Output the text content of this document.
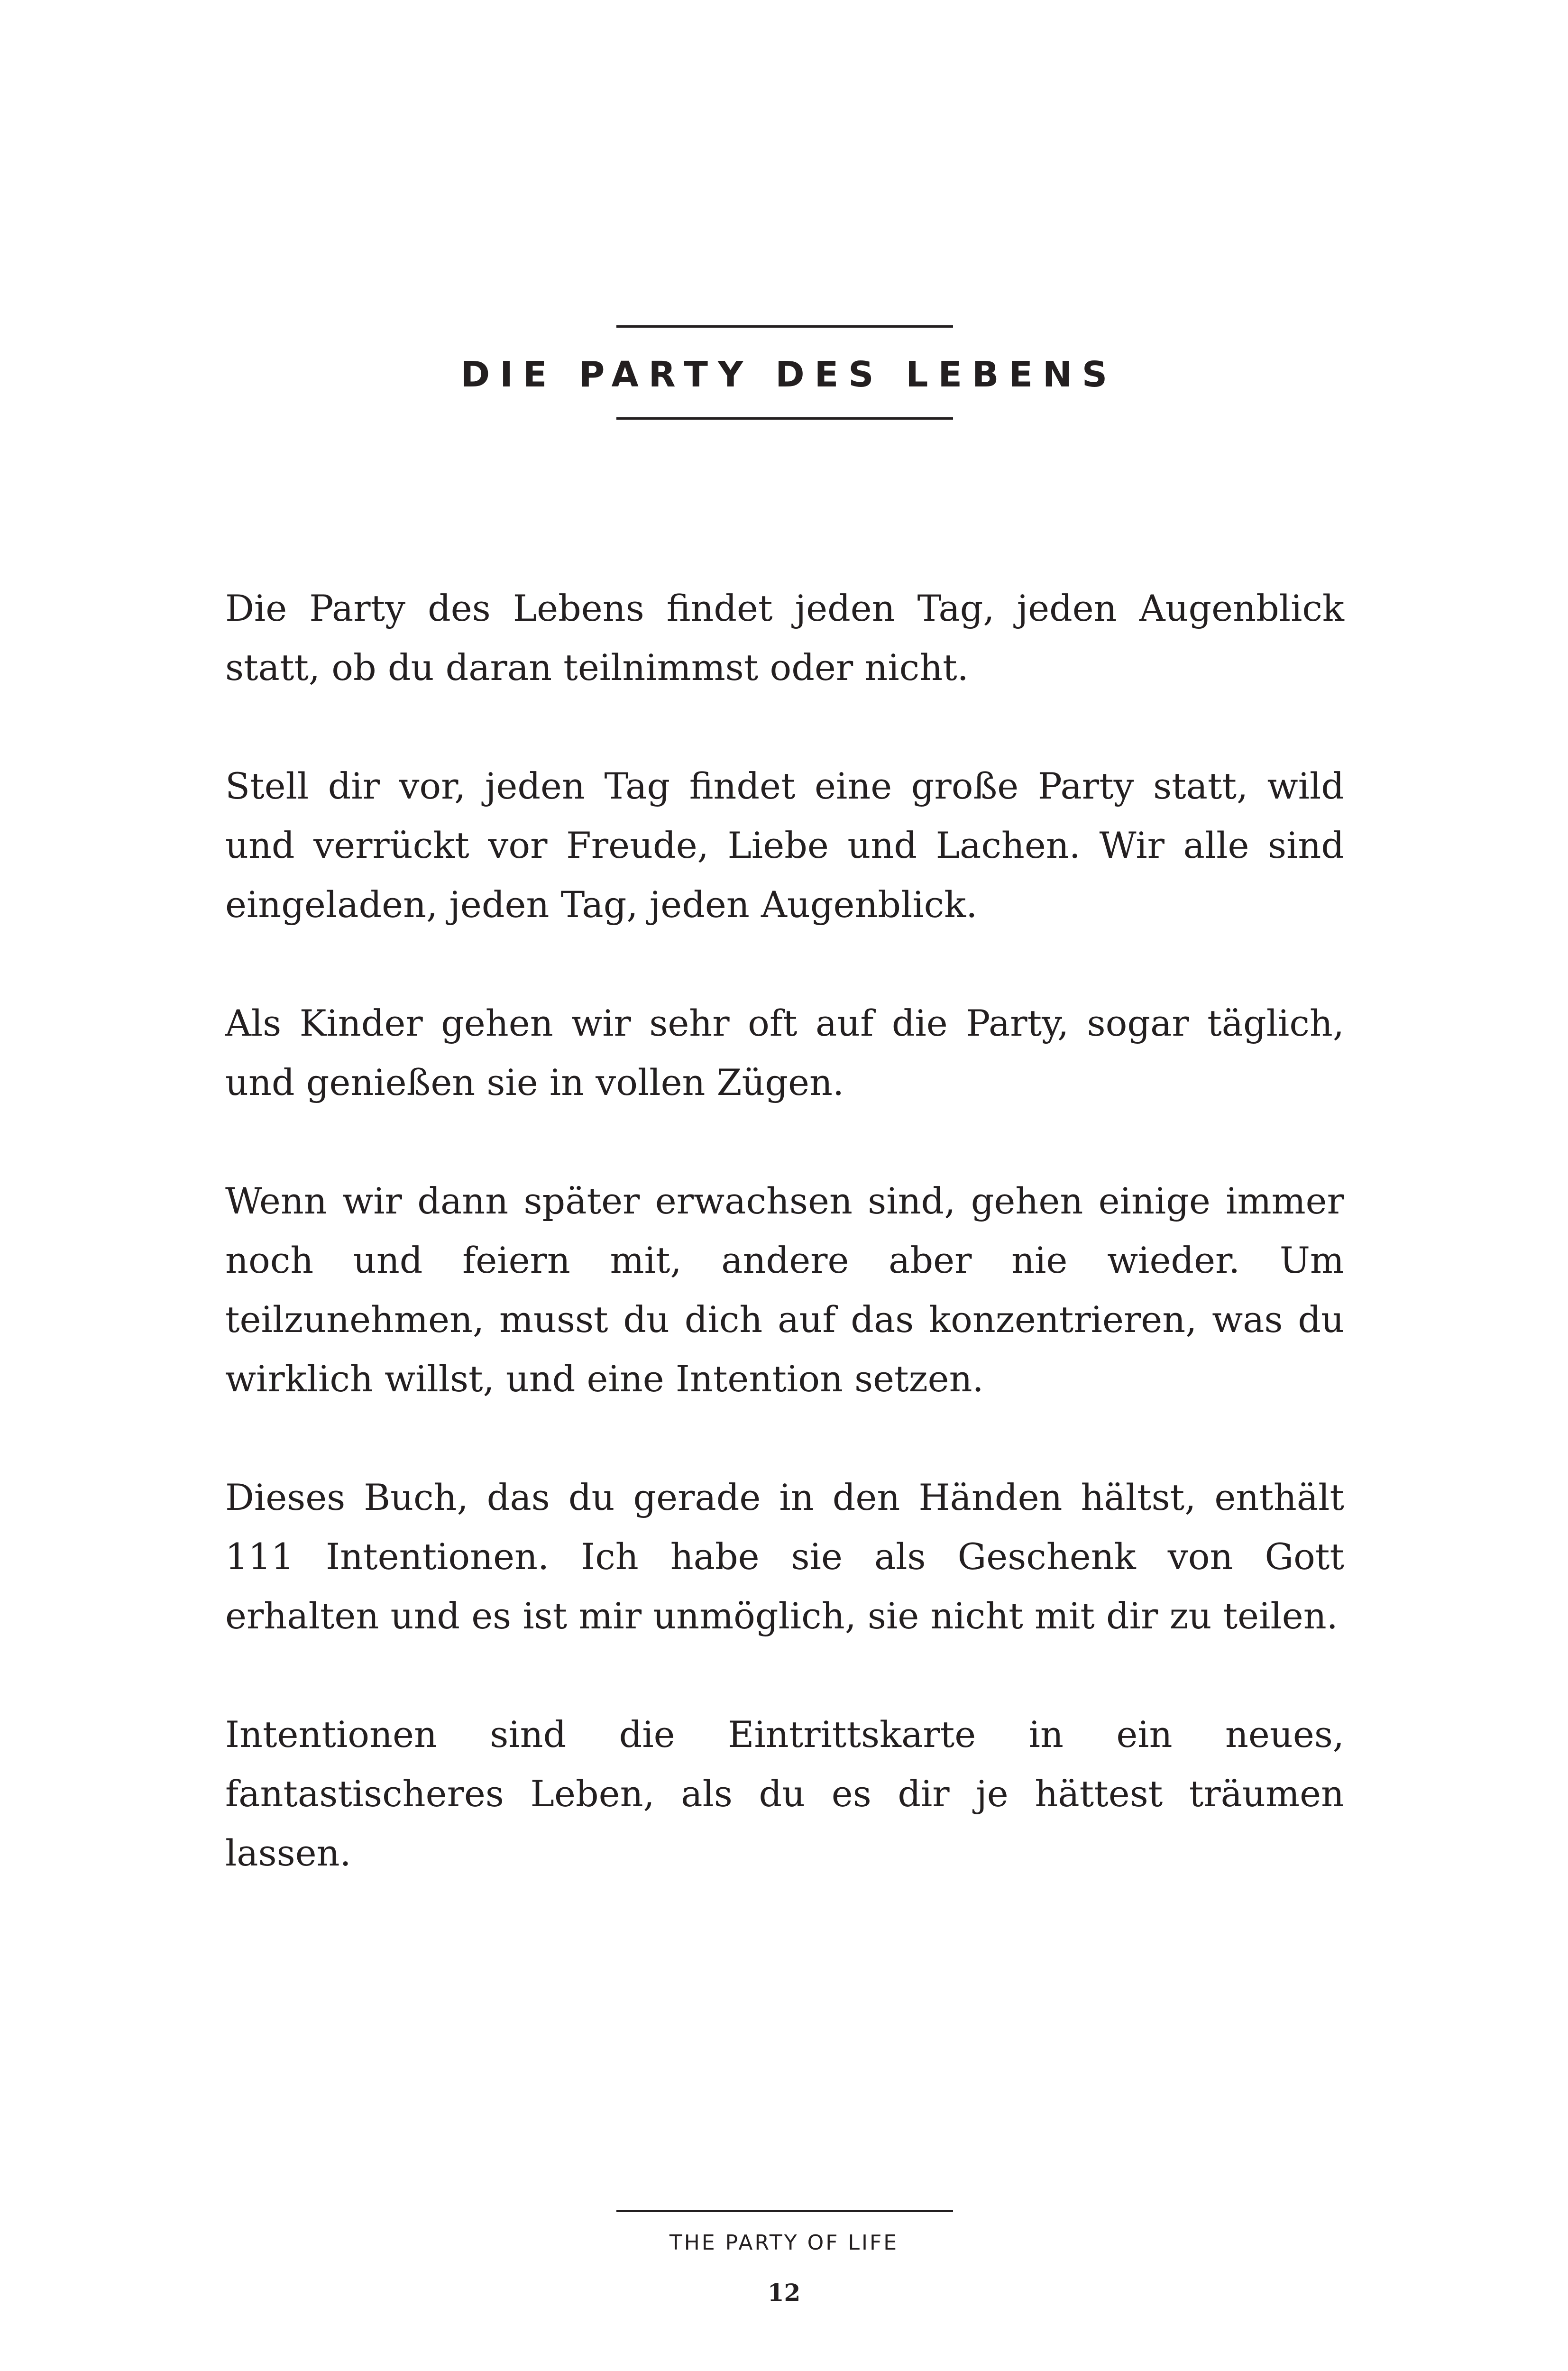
DIE PARTY DES LEBENS

Die Party des Lebens findet jeden Tag, jeden Augenblick statt, ob du daran teilnimmst oder nicht.

Stell dir vor, jeden Tag findet eine große Party statt, wild und verrückt vor Freude, Liebe und Lachen. Wir alle sind eingeladen, jeden Tag, jeden Augenblick.

Als Kinder gehen wir sehr oft auf die Party, sogar täglich, und genießen sie in vollen Zügen.

Wenn wir dann später erwachsen sind, gehen einige immer noch und feiern mit, andere aber nie wieder. Um teilzunehmen, musst du dich auf das konzentrieren, was du wirklich willst, und eine Intention setzen.

Dieses Buch, das du gerade in den Händen hältst, enthält 111 Intentionen. Ich habe sie als Geschenk von Gott erhalten und es ist mir unmöglich, sie nicht mit dir zu teilen.

Intentionen sind die Eintrittskarte in ein neues, fantastischeres Leben, als du es dir je hättest träumen lassen.

THE PARTY OF LIFE
12
